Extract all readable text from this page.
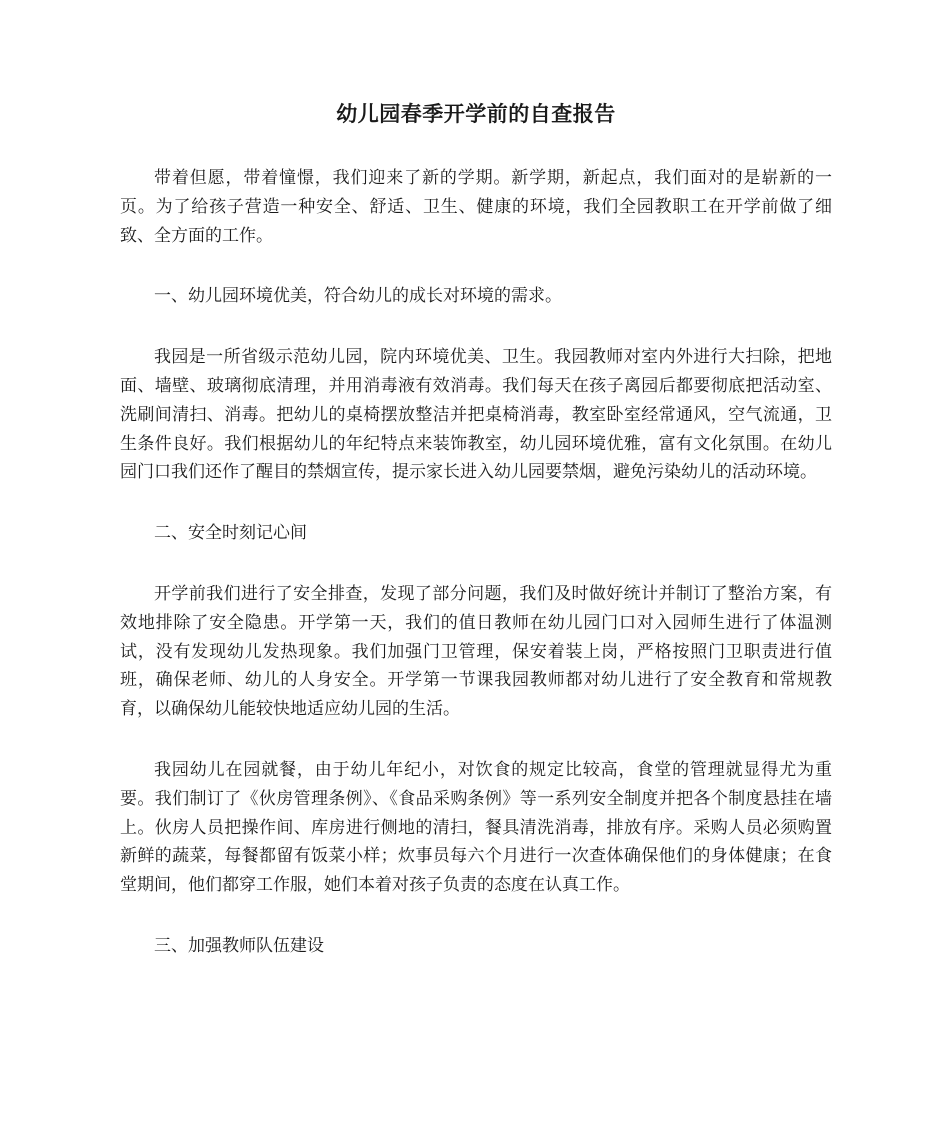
幼儿园春季开学前的自查报告

带着但愿，带着憧憬，我们迎来了新的学期。新学期，新起点，我们面对的是崭新的一页。为了给孩子营造一种安全、舒适、卫生、健康的环境，我们全园教职工在开学前做了细致、全方面的工作。

一、幼儿园环境优美，符合幼儿的成长对环境的需求。

我园是一所省级示范幼儿园，院内环境优美、卫生。我园教师对室内外进行大扫除，把地面、墙壁、玻璃彻底清理，并用消毒液有效消毒。我们每天在孩子离园后都要彻底把活动室、洗刷间清扫、消毒。把幼儿的桌椅摆放整洁并把桌椅消毒，教室卧室经常通风，空气流通，卫生条件良好。我们根据幼儿的年纪特点来装饰教室，幼儿园环境优雅，富有文化氛围。在幼儿园门口我们还作了醒目的禁烟宣传，提示家长进入幼儿园要禁烟，避免污染幼儿的活动环境。

二、安全时刻记心间

开学前我们进行了安全排查，发现了部分问题，我们及时做好统计并制订了整治方案，有效地排除了安全隐患。开学第一天，我们的值日教师在幼儿园门口对入园师生进行了体温测试，没有发现幼儿发热现象。我们加强门卫管理，保安着装上岗，严格按照门卫职责进行值班，确保老师、幼儿的人身安全。开学第一节课我园教师都对幼儿进行了安全教育和常规教育，以确保幼儿能较快地适应幼儿园的生活。

我园幼儿在园就餐，由于幼儿年纪小，对饮食的规定比较高，食堂的管理就显得尤为重要。我们制订了《伙房管理条例》、《食品采购条例》等一系列安全制度并把各个制度悬挂在墙上。伙房人员把操作间、库房进行侧地的清扫，餐具清洗消毒，排放有序。采购人员必须购置新鲜的蔬菜，每餐都留有饭菜小样；炊事员每六个月进行一次查体确保他们的身体健康；在食堂期间，他们都穿工作服，她们本着对孩子负责的态度在认真工作。

三、加强教师队伍建设
